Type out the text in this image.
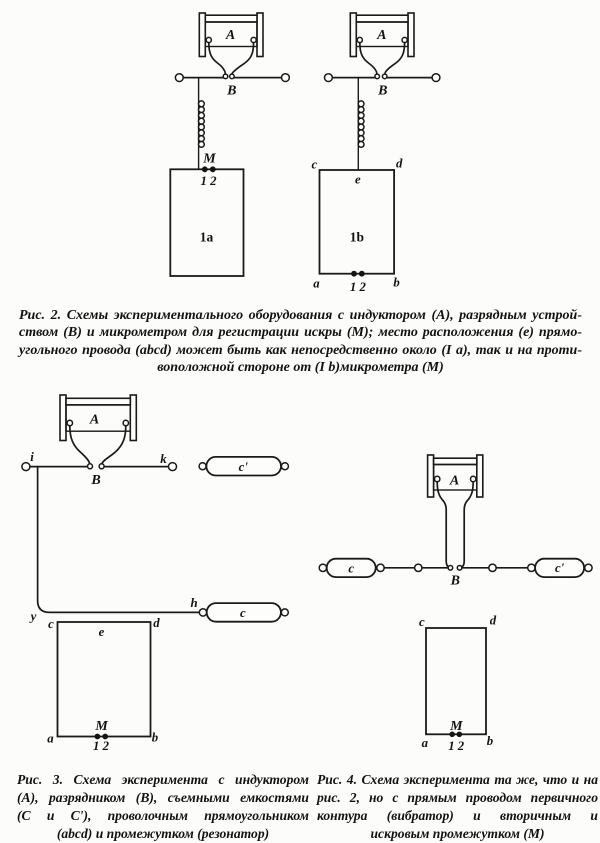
A
B
M
1 2
1a
A
B
c	d
e
a	b
1 2
1b
A
B
i	k
c'
y
h
c
c	d
e
a	b
M
1 2
A
B
c	c'
c	d
a	b
M
1 2
Рис. 2. Схемы экспериментального оборудования с индуктором (А), разрядным устрой-
ством (В) и микрометром для регистрации искры (М); место расположения (е) прямо-
угольного провода (abcd) может быть как непосредственно около (I a), так и на проти-
воположной стороне от (I b)микрометра (М)
Рис. 3. Схема эксперимента с индуктором
(А), разрядником (В), съемными емкостями
(С и С'), проволочным прямоугольником
(abcd) и промежутком (резонатор)
Рис. 4. Схема эксперимента та же, что и на
рис. 2, но с прямым проводом первичного
контура (вибратор) и вторичным и
искровым промежутком (М)
